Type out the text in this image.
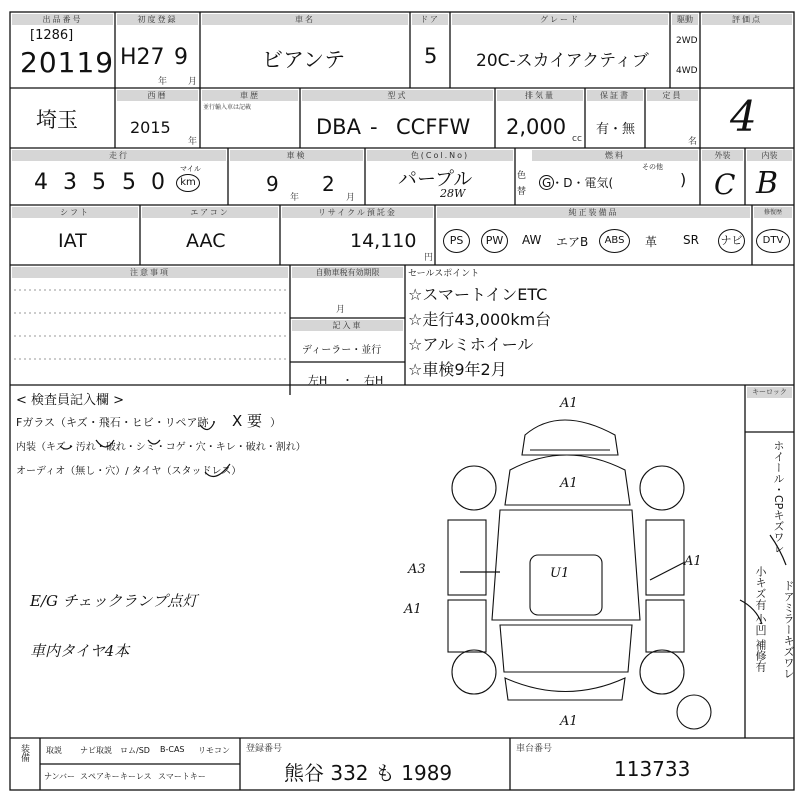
出品番号
[1286]
20119
初度登録
H27 9
年 月
車名
ビアンテ
ドア
5
グレード
20C-スカイアクティブ
駆動
2WD
4WD
評価点
4
埼玉
西暦
2015
年
車歴
並行輸入車は記載
型式
DBA - CCFFW
排気量
2,000 cc
保証書
有・無
定員
名
走行
4 3 5 5 0
マイル
km
車検
9
年
2
月
色(Col.No)
パープル
28W
色
替
燃料
G・D・電気(	)
その他
外装
C
内装
B
シフト
IAT
エアコン
AAC
リサイクル預託金
14,110
円
純正装備品	修復歴
PS	PW	AW エアB	ABS	革 SR ナビ	DTV
注意事項	自動車税有効期限
月
記入車
ディーラー・並行
左H ・ 右H
セールスポイント
☆スマートインETC
☆走行43,000km台
☆アルミホイール
☆車検9年2月
< 検査員記入欄 >
Fガラス（キズ・飛石・ヒビ・リペア跡・ X 要 ）
内装（キズ・汚れ・破れ・シミ・コゲ・穴・キレ・破れ・割れ）
オーディオ（無し・穴）/ タイヤ（スタッドレス）
E/G チェックランプ点灯
車内タイヤ4本
キーロック
ホイール・CPキズワレ
ドアミラーキズワレ
小キズ有 小凹 補修有
A1
A1
A3
A1
U1
A1
A1
装備 取説 ナビ取説 ロム/SD B-CAS リモコン
ナンバー スペアキー キーレス スマートキー
登録番号
熊谷 332 も 1989
車台番号
113733
